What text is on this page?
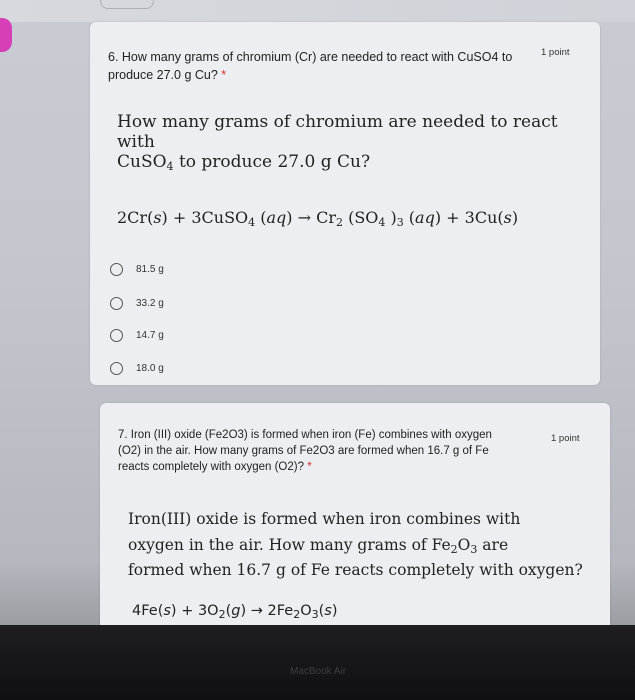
6. How many grams of chromium (Cr) are needed to react with CuSO4 to produce 27.0 g Cu? *
1 point
How many grams of chromium are needed to react with
CuSO4 to produce 27.0 g Cu?
2Cr(s) + 3CuSO4 (aq) → Cr2 (SO4 )3 (aq) + 3Cu(s)
81.5 g
33.2 g
14.7 g
18.0 g
7. Iron (III) oxide (Fe2O3) is formed when iron (Fe) combines with oxygen
(O2) in the air. How many grams of Fe2O3 are formed when 16.7 g of Fe
reacts completely with oxygen (O2)? *
1 point
Iron(III) oxide is formed when iron combines with
oxygen in the air. How many grams of Fe2O3 are
formed when 16.7 g of Fe reacts completely with oxygen?
$4Fe(s) + 3O_2(g) \to 2Fe_2O_3(s)$
MacBook Air
